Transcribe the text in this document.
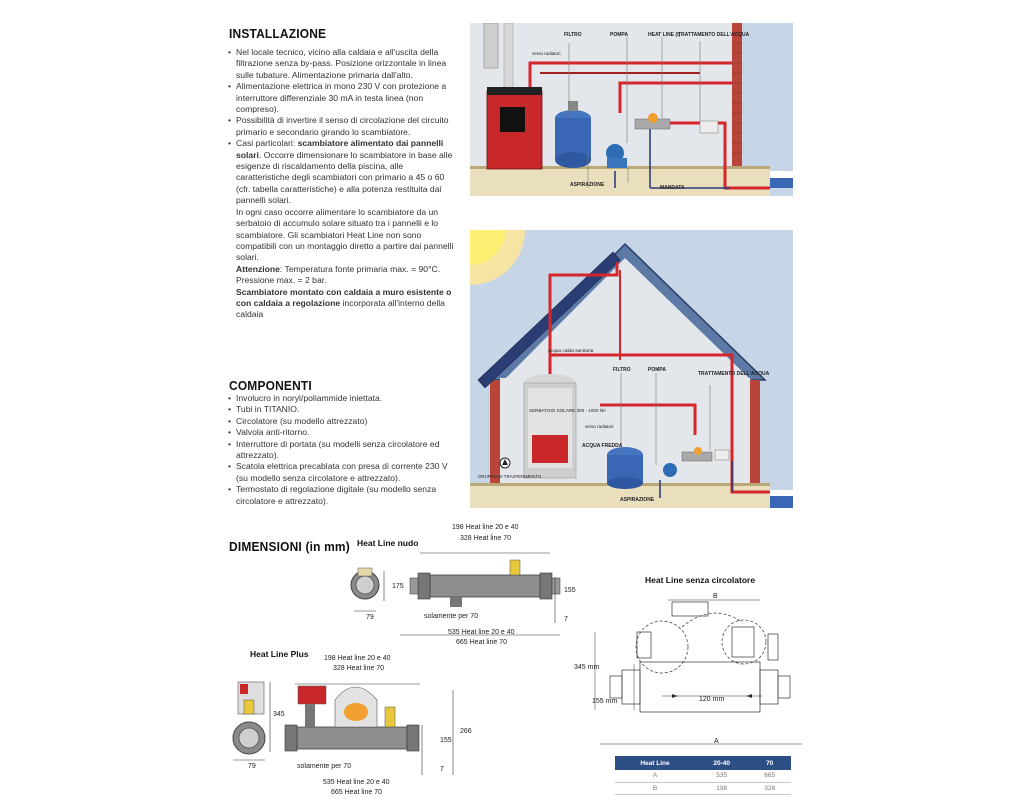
INSTALLAZIONE
• Nel locale tecnico, vicino alla caldaia e all'uscita della filtrazione senza by-pass. Posizione orizzontale in linea sulle tubature. Alimentazione primaria dall'alto.
• Alimentazione elettrica in mono 230 V con protezione a interruttore differenziale 30 mA in testa linea (non compreso).
• Possibilità di invertire il senso di circolazione del circuito primario e secondario girando lo scambiatore.
• Casi particolari: scambiatore alimentato dai pannelli solari. Occorre dimensionare lo scambiatore in base alle esigenze di riscaldamento della piscina, alle caratteristiche degli scambiatori con primario a 45 o 60 (cfr. tabella caratteristiche) e alla potenza restituita dai pannelli solari.
In ogni caso occorre alimentare lo scambiatore da un serbatoio di accumulo solare situato tra i pannelli e lo scambiatore. Gli scambiatori Heat Line non sono compatibili con un montaggio diretto a partire dai pannelli solari.
Attenzione: Temperatura fonte primaria max. = 90°C. Pressione max. = 2 bar.
Scambiatore montato con caldaia a muro esistente o con caldaia a regolazione incorporata all'interno della caldaia
COMPONENTI
• Involucro in noryl/poliammide iniettata.
• Tubi in TITANIO.
• Circolatore (su modello attrezzato)
• Valvola anti-ritorno.
• Interruttore di portata (su modelli senza circolatore ed attrezzato).
• Scatola elettrica precablata con presa di corrente 230 V (su modello senza circolatore e attrezzato).
• Termostato di regolazione digitale (su modello senza circolatore e attrezzato).
FILTRO	POMPA	HEAT LINE (I)
TRATTAMENTO DELL'ACQUA
verso radiatori
ASPIRAZIONE	MANDATA
acqua calda sanitaria
FILTRO	POMPA
TRATTAMENTO DELL'ACQUA
SERBATOIO SOLARE 300 - 1000 litri
verso radiatori
ACQUA FREDDA
GRUPPO DI TRASFERIMENTO
ASPIRAZIONE
DIMENSIONI (in mm) Heat Line nudo
198 Heat line 20 e 40
328 Heat line 70
175
79
155
7
solamente per 70
535 Heat line 20 e 40
665 Heat line 70
Heat Line Plus 198 Heat line 20 e 40
328 Heat line 70
345
79
266
155
7
solamente per 70
535 Heat line 20 e 40
665 Heat line 70
Heat Line senza circolatore
B
345 mm
155 mm	120 mm
A
Heat Line	20-40	70
A	535	665
B	198	328
